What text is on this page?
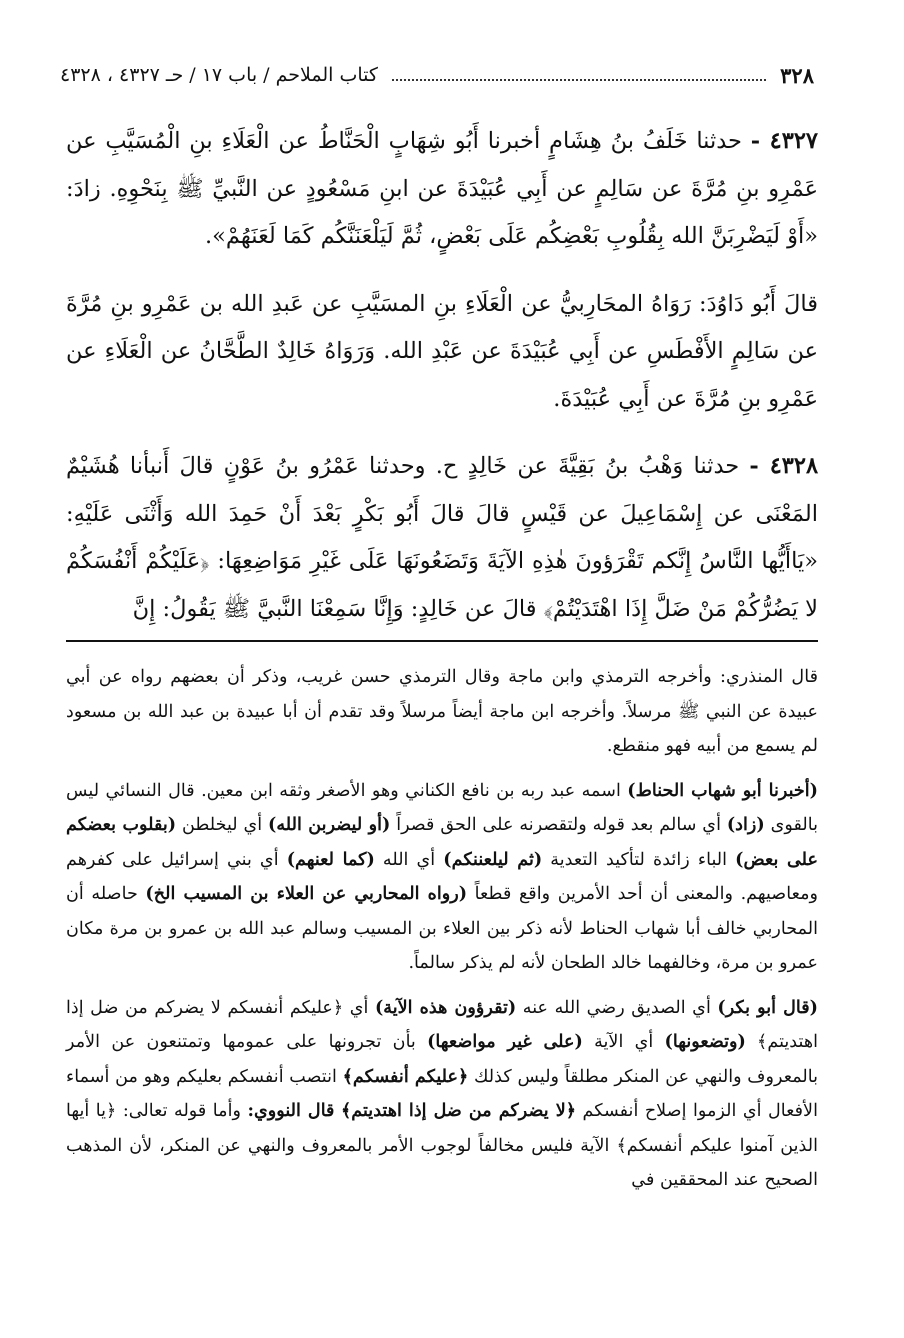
٣٢٨
كتاب الملاحم / باب ١٧ / حـ ٤٣٢٧ ، ٤٣٢٨

٤٣٢٧ - حدثنا خَلَفُ بنُ هِشَامٍ أخبرنا أَبُو شِهَابٍ الْحَنَّاطُ عن الْعَلَاءِ بنِ الْمُسَيَّبِ عن عَمْرِو بنِ مُرَّةَ عن سَالِمٍ عن أَبِي عُبَيْدَةَ عن ابنِ مَسْعُودٍ عن النَّبيِّ ﷺ بِنَحْوِهِ. زادَ: «أَوْ لَيَضْرِبَنَّ الله بِقُلُوبِ بَعْضِكُم عَلَى بَعْضٍ، ثُمَّ لَيَلْعَنَنَّكُم كَمَا لَعَنَهُمْ».

قالَ أَبُو دَاوُدَ: رَوَاهُ المحَارِبيُّ عن الْعَلَاءِ بنِ المسَيَّبِ عن عَبدِ الله بن عَمْرِو بنِ مُرَّةَ عن سَالِمٍ الأَفْطَسِ عن أَبِي عُبَيْدَةَ عن عَبْدِ الله. وَرَوَاهُ خَالِدٌ الطَّحَّانُ عن الْعَلَاءِ عن عَمْرِو بنِ مُرَّةَ عن أَبِي عُبَيْدَةَ.

٤٣٢٨ - حدثنا وَهْبُ بنُ بَقِيَّةَ عن خَالِدٍ ح. وحدثنا عَمْرُو بنُ عَوْنٍ قالَ أَنبأنا هُشَيْمٌ المَعْنَى عن إِسْمَاعِيلَ عن قَيْسٍ قالَ قالَ أَبُو بَكْرٍ بَعْدَ أَنْ حَمِدَ الله وَأَثْنَى عَلَيْهِ: «يَاأَيُّها النَّاسُ إِنَّكم تَقْرَؤونَ هٰذِهِ الآيَةَ وَتَضَعُونَهَا عَلَى غَيْرِ مَوَاضِعِهَا: ﴿عَلَيْكُمْ أَنْفُسَكُمْ لا يَضُرُّكُمْ مَنْ ضَلَّ إِذَا اهْتَدَيْتُمْ﴾ قالَ عن خَالِدٍ: وَإِنَّا سَمِعْنَا النَّبيَّ ﷺ يَقُولُ: إِنَّ

قال المنذري: وأخرجه الترمذي وابن ماجة وقال الترمذي حسن غريب، وذكر أن بعضهم رواه عن أبي عبيدة عن النبي ﷺ مرسلاً. وأخرجه ابن ماجة أيضاً مرسلاً وقد تقدم أن أبا عبيدة بن عبد الله بن مسعود لم يسمع من أبيه فهو منقطع.

(أخبرنا أبو شهاب الحناط) اسمه عبد ربه بن نافع الكناني وهو الأصغر وثقه ابن معين. قال النسائي ليس بالقوى (زاد) أي سالم بعد قوله ولتقصرنه على الحق قصراً (أو ليضربن الله) أي ليخلطن (بقلوب بعضكم على بعض) الباء زائدة لتأكيد التعدية (ثم ليلعننكم) أي الله (كما لعنهم) أي بني إسرائيل على كفرهم ومعاصيهم. والمعنى أن أحد الأمرين واقع قطعاً (رواه المحاربي عن العلاء بن المسيب الخ) حاصله أن المحاربي خالف أبا شهاب الحناط لأنه ذكر بين العلاء بن المسيب وسالم عبد الله بن عمرو بن مرة مكان عمرو بن مرة، وخالفهما خالد الطحان لأنه لم يذكر سالماً.

(قال أبو بكر) أي الصديق رضي الله عنه (تقرؤون هذه الآية) أي ﴿عليكم أنفسكم لا يضركم من ضل إذا اهتديتم﴾ (وتضعونها) أي الآية (على غير مواضعها) بأن تجرونها على عمومها وتمتنعون عن الأمر بالمعروف والنهي عن المنكر مطلقاً وليس كذلك ﴿عليكم أنفسكم﴾ انتصب أنفسكم بعليكم وهو من أسماء الأفعال أي الزموا إصلاح أنفسكم ﴿لا يضركم من ضل إذا اهتديتم﴾ قال النووي: وأما قوله تعالى: ﴿يا أيها الذين آمنوا عليكم أنفسكم﴾ الآية فليس مخالفاً لوجوب الأمر بالمعروف والنهي عن المنكر، لأن المذهب الصحيح عند المحققين في
